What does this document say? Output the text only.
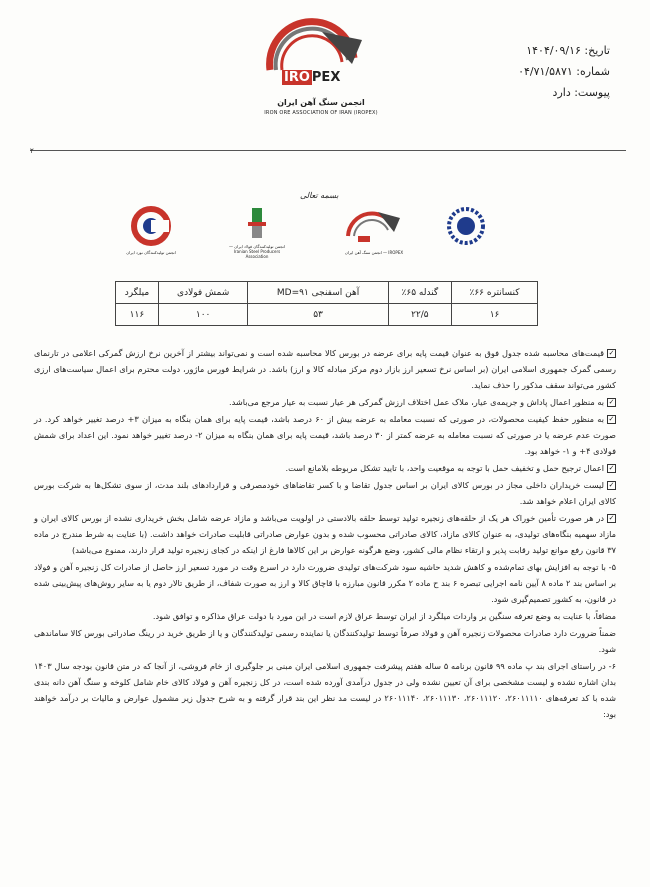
تاریخ: ۱۴۰۴/۰۹/۱۶
شماره: ۰۴/۷۱/۵۸۷۱
پیوست: دارد
IRO PEX
انجمن سنگ آهن ایران
IRON ORE ASSOCIATION OF IRAN (IROPEX)
۲
بسمه تعالی
انجمن تولیدکنندگان نورد ایران
انجمن تولیدکنندگان فولاد ایران — Iranian Steel Producers Association
IROPEX — انجمن سنگ آهن ایران
کنسانتره ۶۶٪	گندله ۶۵٪	آهن اسفنجی MD=۹۱	شمش فولادی	میلگرد
۱۶	۲۲/۵	۵۳	۱۰۰	۱۱۶

✓قیمت‌های محاسبه شده جدول فوق به عنوان قیمت پایه برای عرضه در بورس کالا محاسبه شده است و نمی‌تواند بیشتر از آخرین نرخ ارزش گمرکی اعلامی در تارنمای رسمی گمرک جمهوری اسلامی ایران (بر اساس نرخ تسعیر ارز بازار دوم مرکز مبادله کالا و ارز) باشد. در شرایط فورس ماژور، دولت محترم برای اعمال سیاست‌های ارزی کشور می‌تواند سقف مذکور را حذف نماید.

✓به منظور اعمال پاداش و جریمه‌ی عیار، ملاک عمل اختلاف ارزش گمرکی هر عیار نسبت به عیار مرجع می‌باشد.

✓به منظور حفظ کیفیت محصولات، در صورتی که نسبت معامله به عرضه بیش از ۶۰ درصد باشد، قیمت پایه برای همان بنگاه به میزان ۳+ درصد تغییر خواهد کرد. در صورت عدم عرضه یا در صورتی که نسبت معامله به عرضه کمتر از ۳۰ درصد باشد، قیمت پایه برای همان بنگاه به میزان ۲- درصد تغییر خواهد نمود. این اعداد برای شمش فولادی ۴+ و ۱- خواهد بود.

✓اعمال ترجیح حمل و تخفیف حمل با توجه به موقعیت واحد، با تایید تشکل مربوطه بلامانع است.

✓لیست خریداران داخلی مجاز در بورس کالای ایران بر اساس جدول تقاضا و با کسر تقاضاهای خودمصرفی و قراردادهای بلند مدت، از سوی تشکل‌ها به شرکت بورس کالای ایران اعلام خواهد شد.

✓در هر صورت تأمین خوراک هر یک از حلقه‌های زنجیره تولید توسط حلقه بالادستی در اولویت می‌باشد و مازاد عرضه شامل بخش خریداری نشده از بورس کالای ایران و مازاد سهمیه بنگاه‌های تولیدی، به عنوان کالای مازاد، کالای صادراتی محسوب شده و بدون عوارض صادراتی قابلیت صادرات خواهد داشت. (با عنایت به شرط مندرج در ماده ۳۷ قانون رفع موانع تولید رقابت پذیر و ارتقاء نظام مالی کشور، وضع هرگونه عوارض بر این کالاها فارغ از اینکه در کجای زنجیره تولید قرار دارند، ممنوع می‌باشد)

۵- با توجه به افزایش بهای تمام‌شده و کاهش شدید حاشیه سود شرکت‌های تولیدی ضرورت دارد در اسرع وقت در مورد تسعیر ارز حاصل از صادرات کل زنجیره آهن و فولاد بر اساس بند ۲ ماده ۸ آیین نامه اجرایی تبصره ۶ بند ح ماده ۲ مکرر قانون مبارزه با قاچاق کالا و ارز به صورت شفاف، از طریق تالار دوم یا به سایر روش‌های پیش‌بینی شده در قانون، به کشور تصمیم‌گیری شود.

مضافاً، با عنایت به وضع تعرفه سنگین بر واردات میلگرد از ایران توسط عراق لازم است در این مورد با دولت عراق مذاکره و توافق شود.

ضمناً ضرورت دارد صادرات محصولات زنجیره آهن و فولاد صرفاً توسط تولیدکنندگان یا نماینده رسمی تولیدکنندگان و یا از طریق خرید در رینگ صادراتی بورس کالا ساماندهی شود.

۶- در راستای اجرای بند پ ماده ۹۹ قانون برنامه ۵ ساله هفتم پیشرفت جمهوری اسلامی ایران مبنی بر جلوگیری از خام فروشی، از آنجا که در متن قانون بودجه سال ۱۴۰۳ بدان اشاره نشده و لیست مشخصی برای آن تعیین نشده ولی در جدول درآمدی آورده شده است، در کل زنجیره آهن و فولاد کالای خام شامل کلوخه و سنگ آهن دانه بندی شده با کد تعرفه‌های ۲۶۰۱۱۱۱۰، ۲۶۰۱۱۱۲۰، ۲۶۰۱۱۱۳۰، ۲۶۰۱۱۱۴۰ در لیست مد نظر این بند قرار گرفته و به شرح جدول زیر مشمول عوارض و مالیات بر درآمد خواهند بود:
